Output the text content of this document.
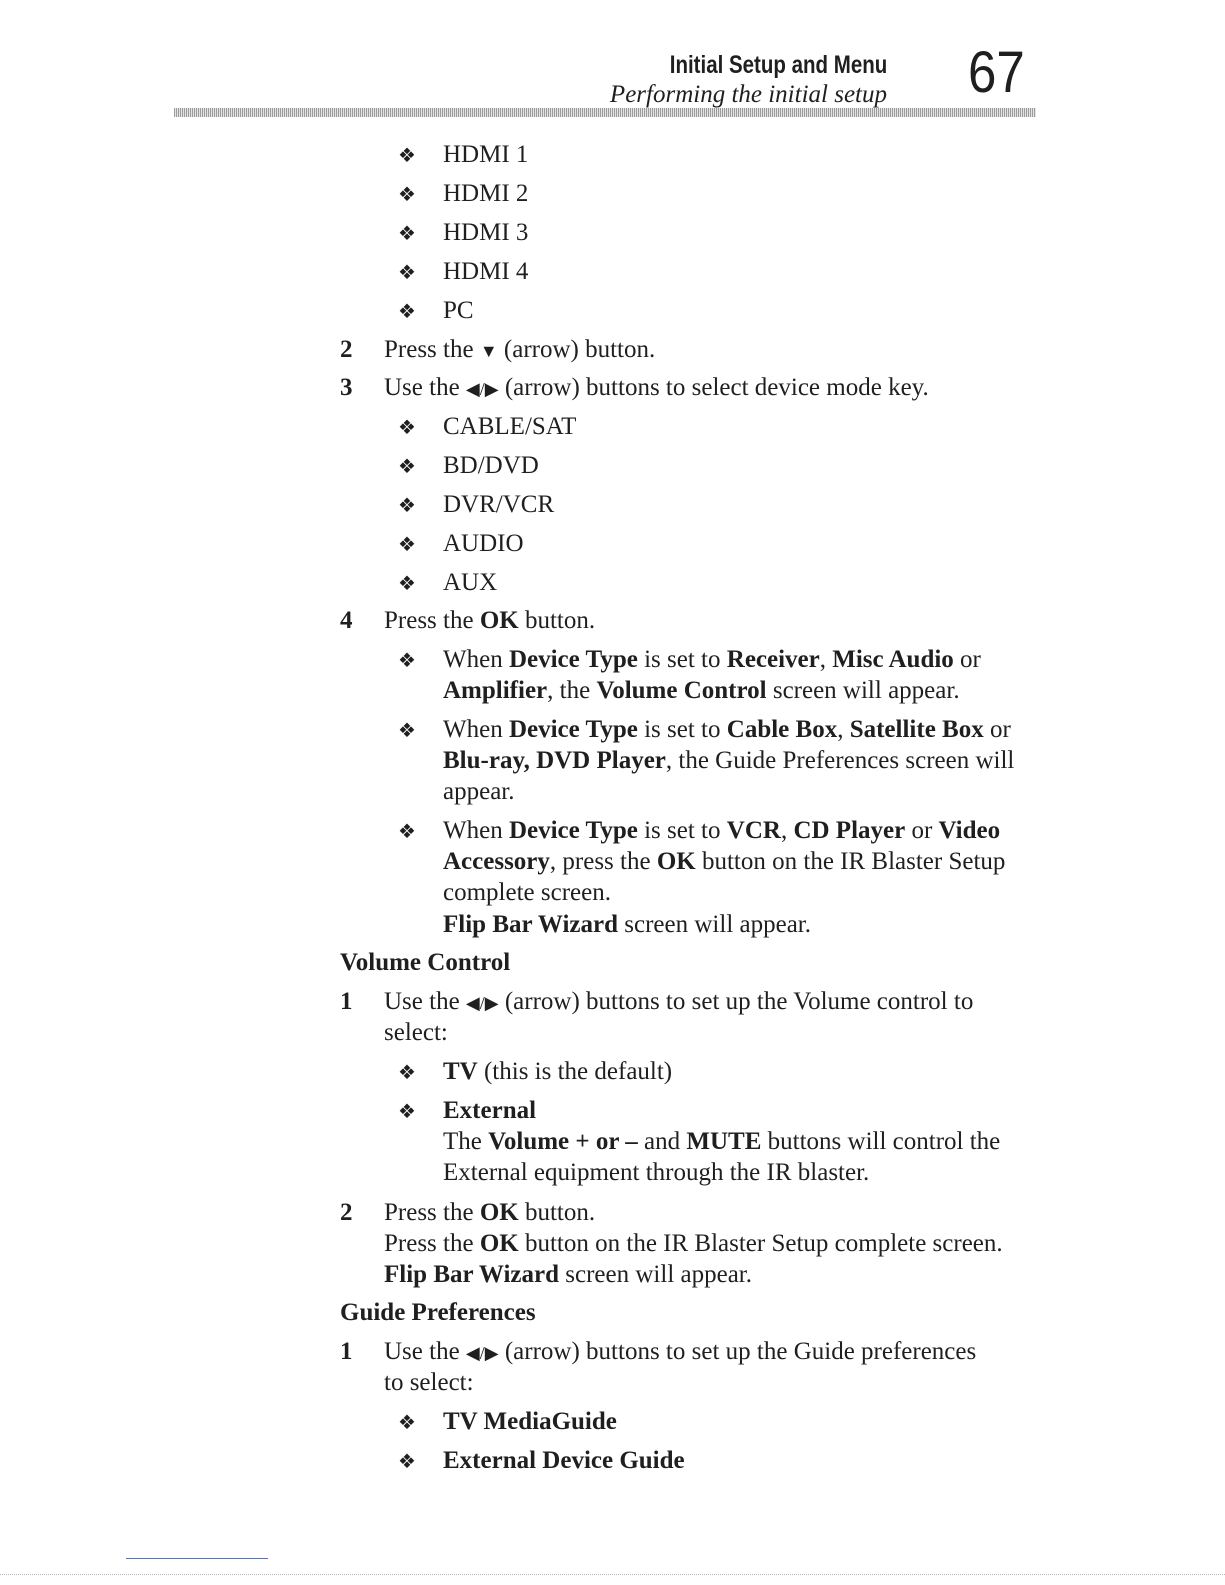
Initial Setup and Menu
Performing the initial setup 67
❖ HDMI 1
❖ HDMI 2
❖ HDMI 3
❖ HDMI 4
❖ PC
2 Press the ▼ (arrow) button.
3 Use the ◀/▶ (arrow) buttons to select device mode key.
❖ CABLE/SAT
❖ BD/DVD
❖ DVR/VCR
❖ AUDIO
❖ AUX
4 Press the OK button.
❖ When Device Type is set to Receiver, Misc Audio or
Amplifier, the Volume Control screen will appear.
❖ When Device Type is set to Cable Box, Satellite Box or
Blu-ray, DVD Player, the Guide Preferences screen will
appear.
❖ When Device Type is set to VCR, CD Player or Video
Accessory, press the OK button on the IR Blaster Setup
complete screen.
Flip Bar Wizard screen will appear.
Volume Control
1 Use the ◀/▶ (arrow) buttons to set up the Volume control to
select:
❖ TV (this is the default)
❖ External
The Volume + or – and MUTE buttons will control the
External equipment through the IR blaster.
2 Press the OK button.
Press the OK button on the IR Blaster Setup complete screen.
Flip Bar Wizard screen will appear.
Guide Preferences
1 Use the ◀/▶ (arrow) buttons to set up the Guide preferences
to select:
❖ TV MediaGuide
❖ External Device Guide
